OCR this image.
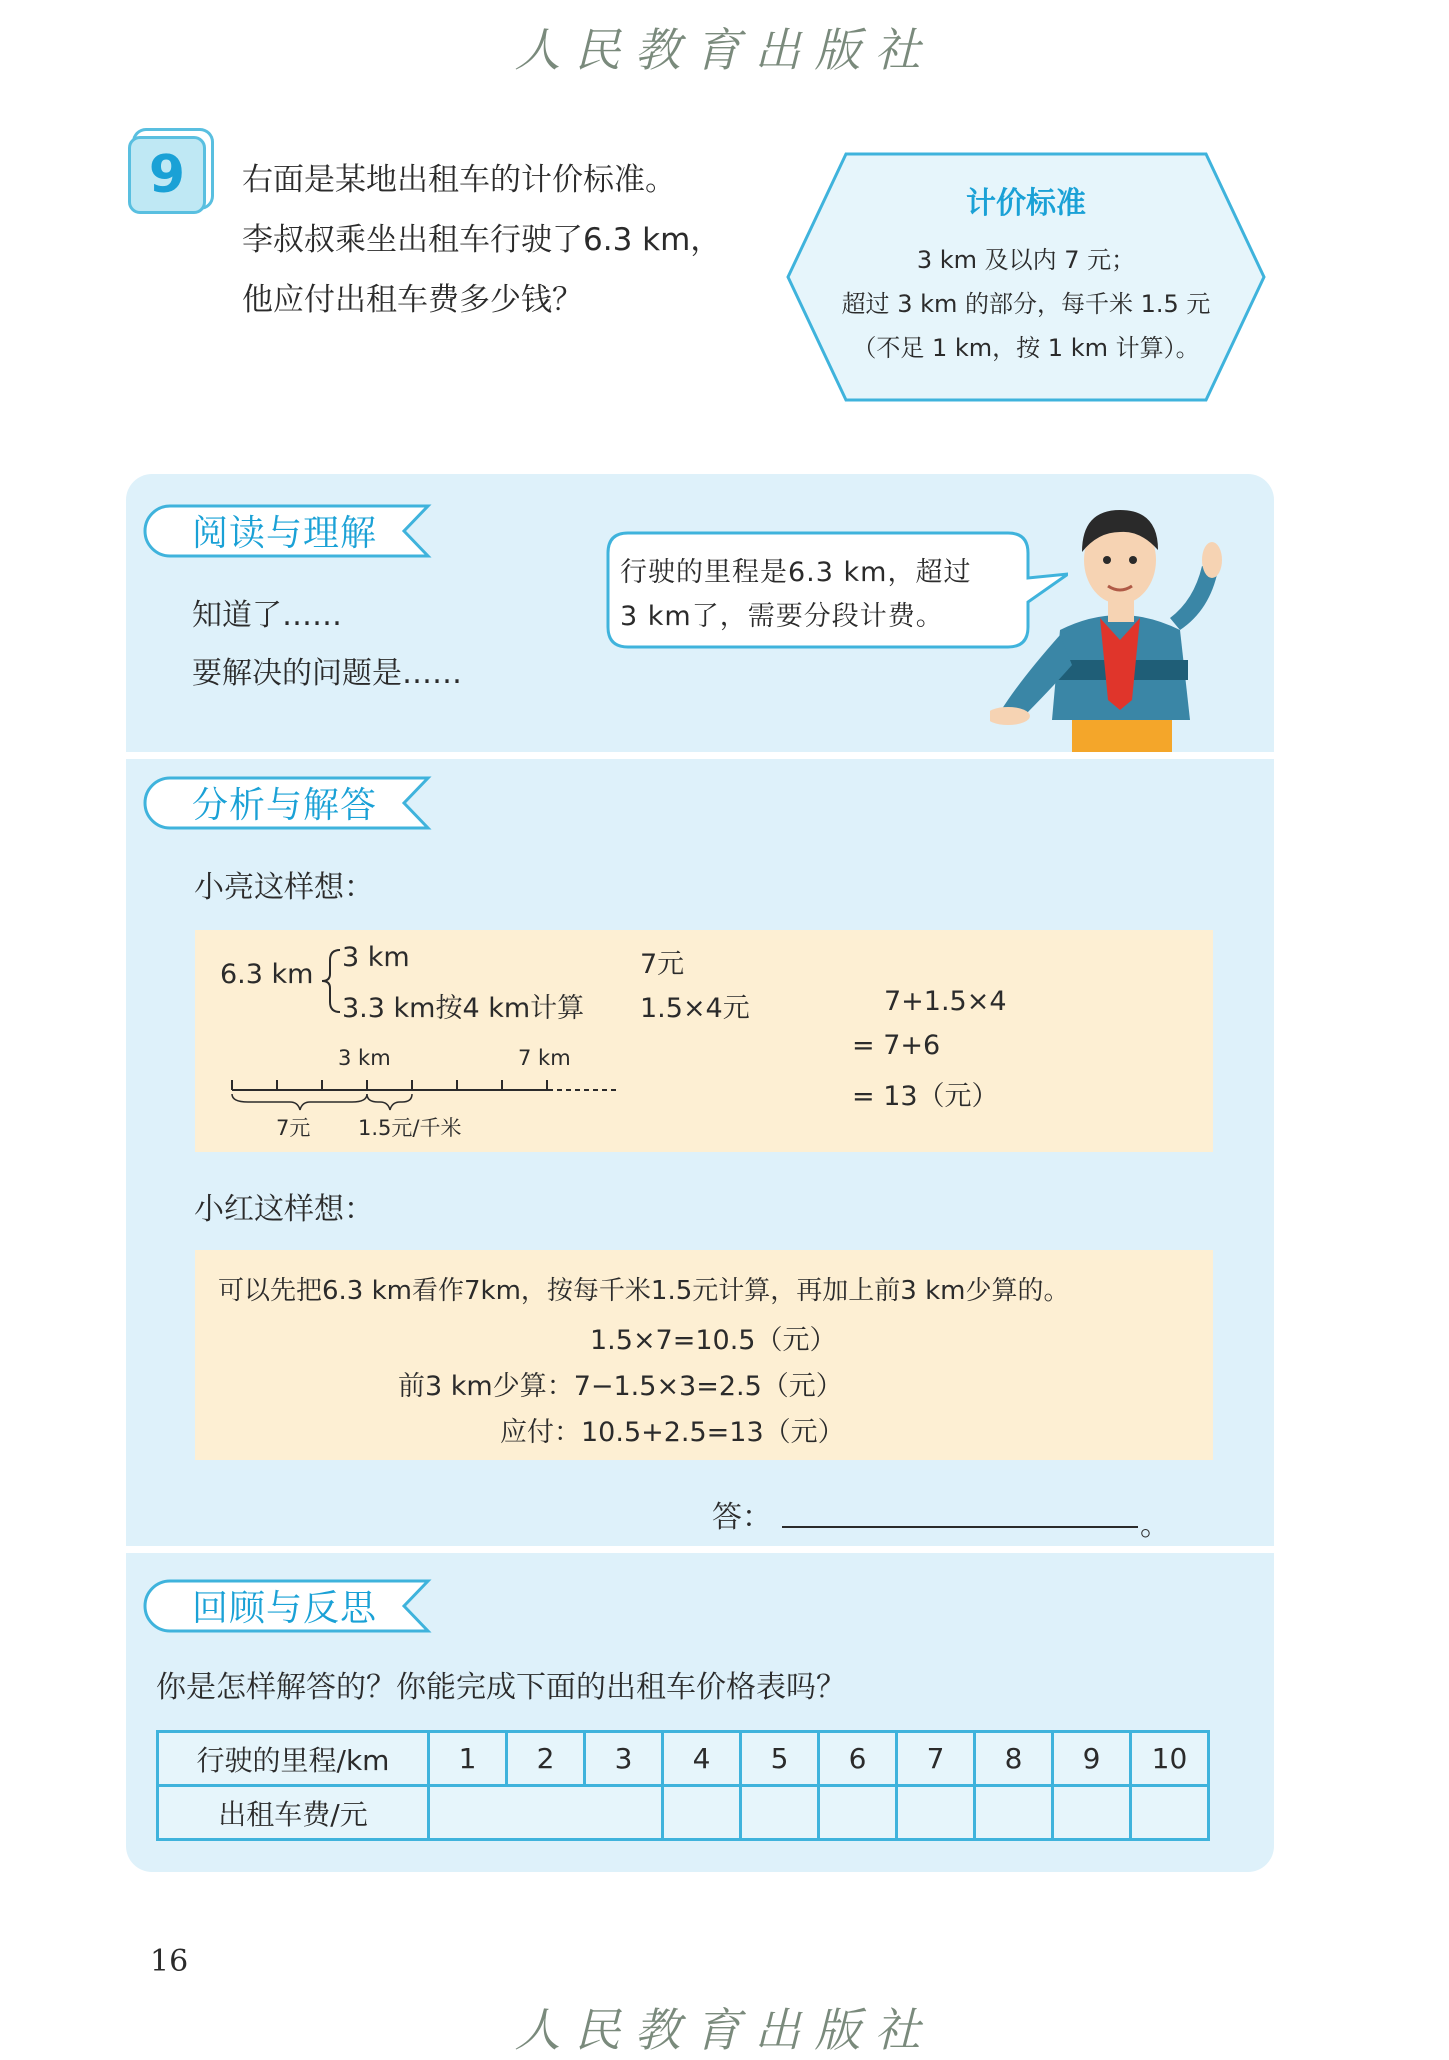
人民教育出版社
人民教育出版社
9	右面是某地出租车的计价标准。
李叔叔乘坐出租车行驶了6.3 km，
他应付出租车费多少钱？
计价标准
3 km 及以内 7 元；
超过 3 km 的部分，每千米 1.5 元
（不足 1 km，按 1 km 计算）。
阅读与理解
知道了……
要解决的问题是……
行驶的里程是6.3 km，超过
3 km了，需要分段计费。
分析与解答
小亮这样想：
6.3 km
3 km
3.3 km按4 km计算
7元
1.5×4元	7+1.5×4
= 7+6
= 13（元）
3 km	7 km
7元 1.5元/千米
小红这样想：
可以先把6.3 km看作7km，按每千米1.5元计算，再加上前3 km少算的。
1.5×7=10.5（元）
前3 km少算：7−1.5×3=2.5（元）
应付：10.5+2.5=13（元）
答：	。
回顾与反思
你是怎样解答的？你能完成下面的出租车价格表吗？
行驶的里程/km	1	2	3	4	5	6	7	8	9	10
出租车费/元										
16
